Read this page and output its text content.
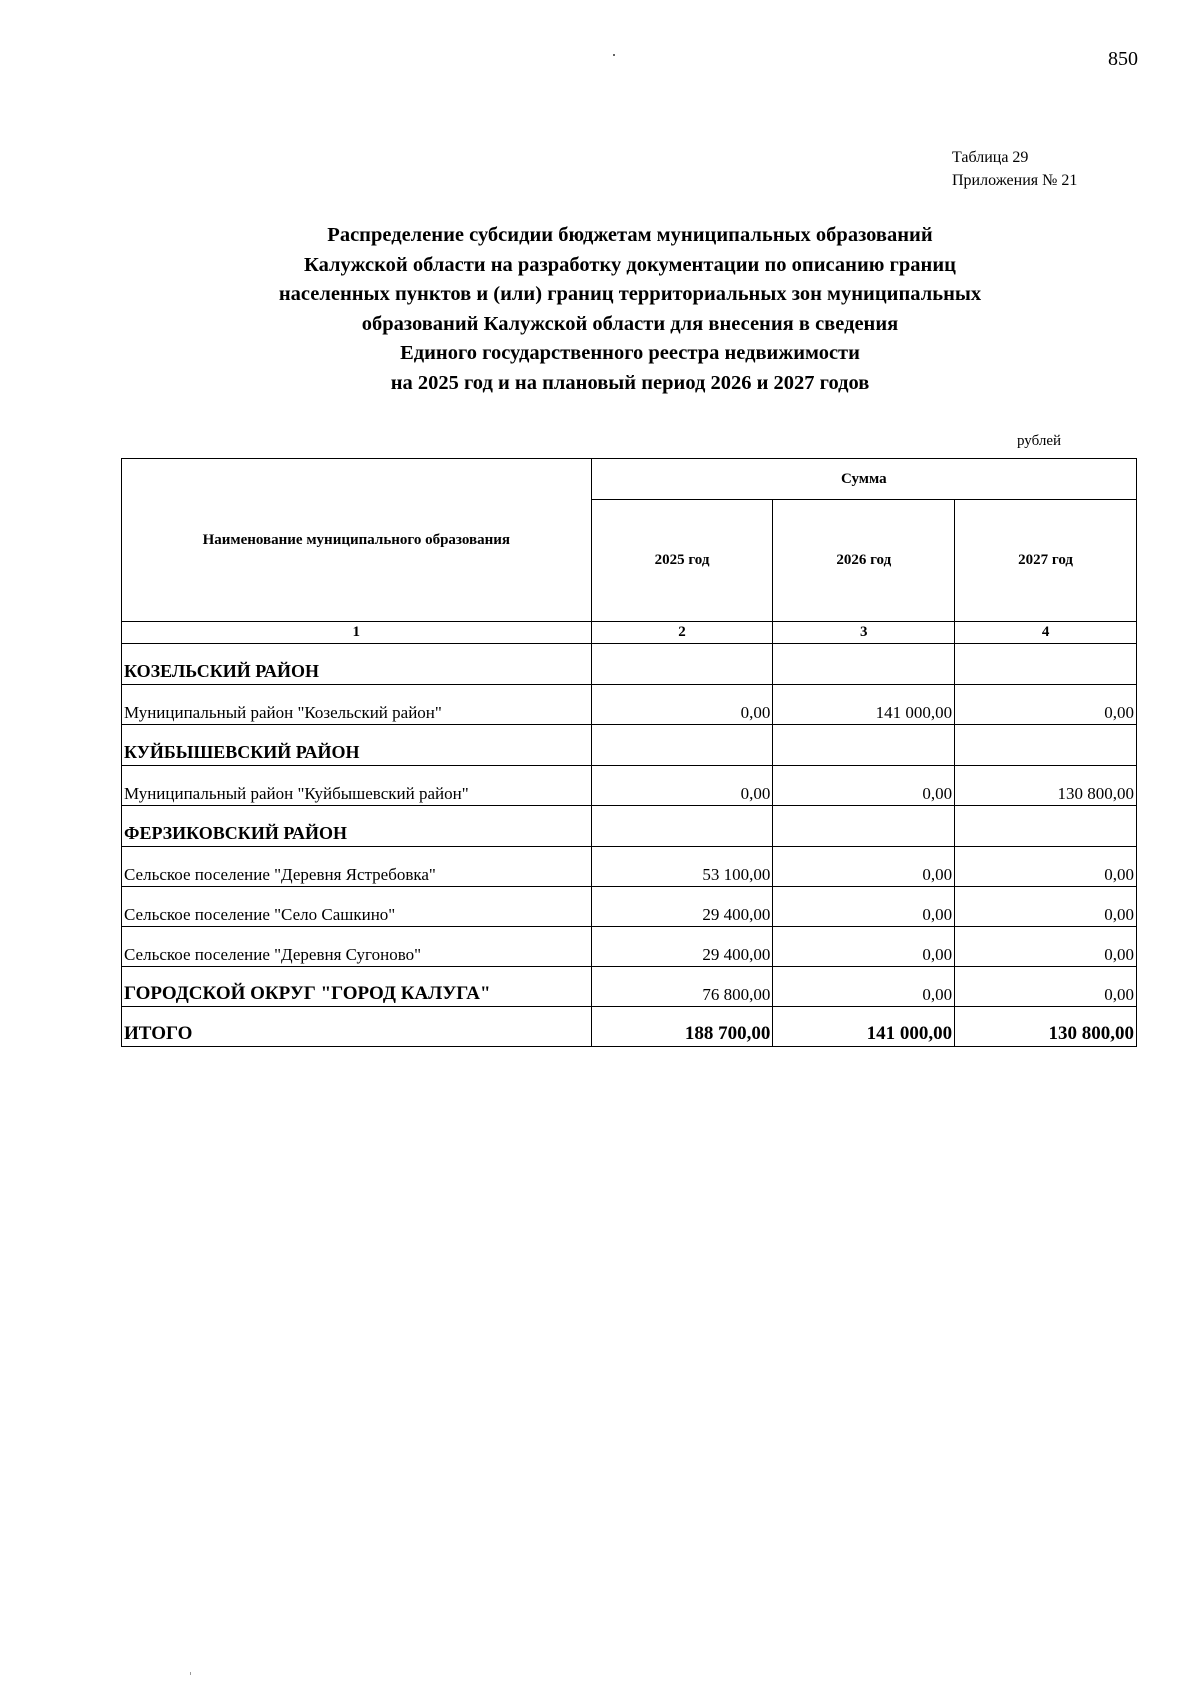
850
Таблица 29
Приложения № 21
Распределение субсидии бюджетам муниципальных образований
Калужской области на разработку документации по описанию границ
населенных пунктов и (или) границ территориальных зон муниципальных
образований Калужской области для внесения в сведения
Единого государственного реестра недвижимости
на 2025 год и на плановый период 2026 и 2027 годов
рублей
Наименование муниципального образования	Сумма		
	2025 год	2026 год	2027 год
1	2	3	4
КОЗЕЛЬСКИЙ РАЙОН			
Муниципальный район "Козельский район"	0,00	141 000,00	0,00
КУЙБЫШЕВСКИЙ РАЙОН			
Муниципальный район "Куйбышевский район"	0,00	0,00	130 800,00
ФЕРЗИКОВСКИЙ РАЙОН			
Сельское поселение "Деревня Ястребовка"	53 100,00	0,00	0,00
Сельское поселение "Село Сашкино"	29 400,00	0,00	0,00
Сельское поселение "Деревня Сугоново"	29 400,00	0,00	0,00
ГОРОДСКОЙ ОКРУГ "ГОРОД КАЛУГА"	76 800,00	0,00	0,00
ИТОГО	188 700,00	141 000,00	130 800,00
